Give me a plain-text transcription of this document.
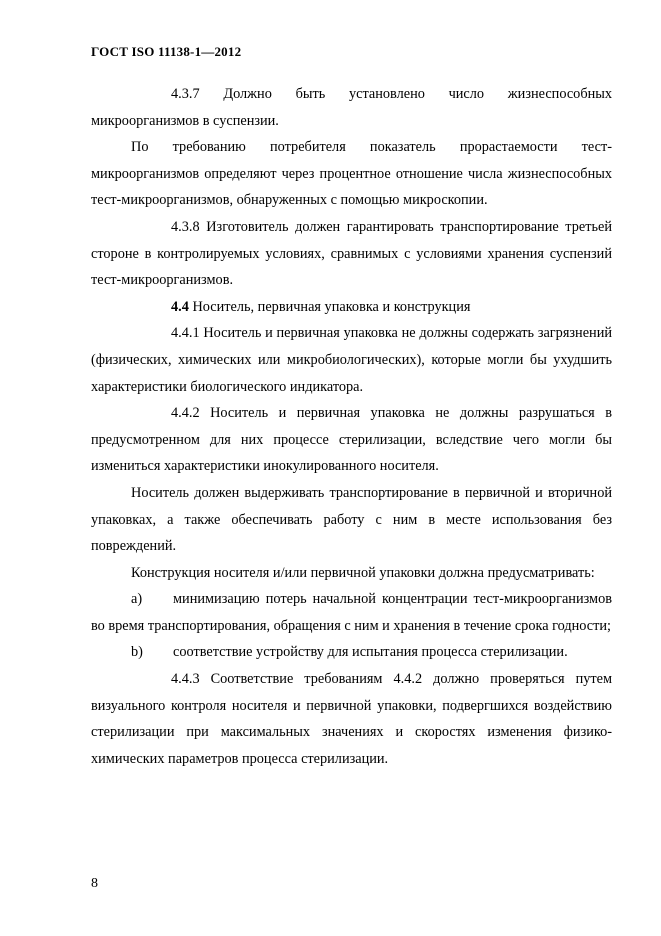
ГОСТ ISO 11138-1—2012

4.3.7 Должно быть установлено число жизнеспособных микроорганизмов в суспензии.

По требованию потребителя показатель прорастаемости тест-микроорганизмов определяют через процентное отношение числа жизнеспособных тест-микроорганизмов, обнаруженных с помощью микроскопии.

4.3.8 Изготовитель должен гарантировать транспортирование третьей стороне в контролируемых условиях, сравнимых с условиями хранения суспензий тест-микроорганизмов.

4.4 Носитель, первичная упаковка и конструкция

4.4.1 Носитель и первичная упаковка не должны содержать загрязнений (физических, химических или микробиологических), которые могли бы ухудшить характеристики биологического индикатора.

4.4.2 Носитель и первичная упаковка не должны разрушаться в предусмотренном для них процессе стерилизации, вследствие чего могли бы измениться характеристики инокулированного носителя.

Носитель должен выдерживать транспортирование в первичной и вторичной упаковках, а также обеспечивать работу с ним в месте использования без повреждений.

Конструкция носителя и/или первичной упаковки должна предусматривать:

a) минимизацию потерь начальной концентрации тест-микроорганизмов во время транспортирования, обращения с ним и хранения в течение срока годности;

b) соответствие устройству для испытания процесса стерилизации.

4.4.3 Соответствие требованиям 4.4.2 должно проверяться путем визуального контроля носителя и первичной упаковки, подвергшихся воздействию стерилизации при максимальных значениях и скоростях изменения физико-химических параметров процесса стерилизации.

8
